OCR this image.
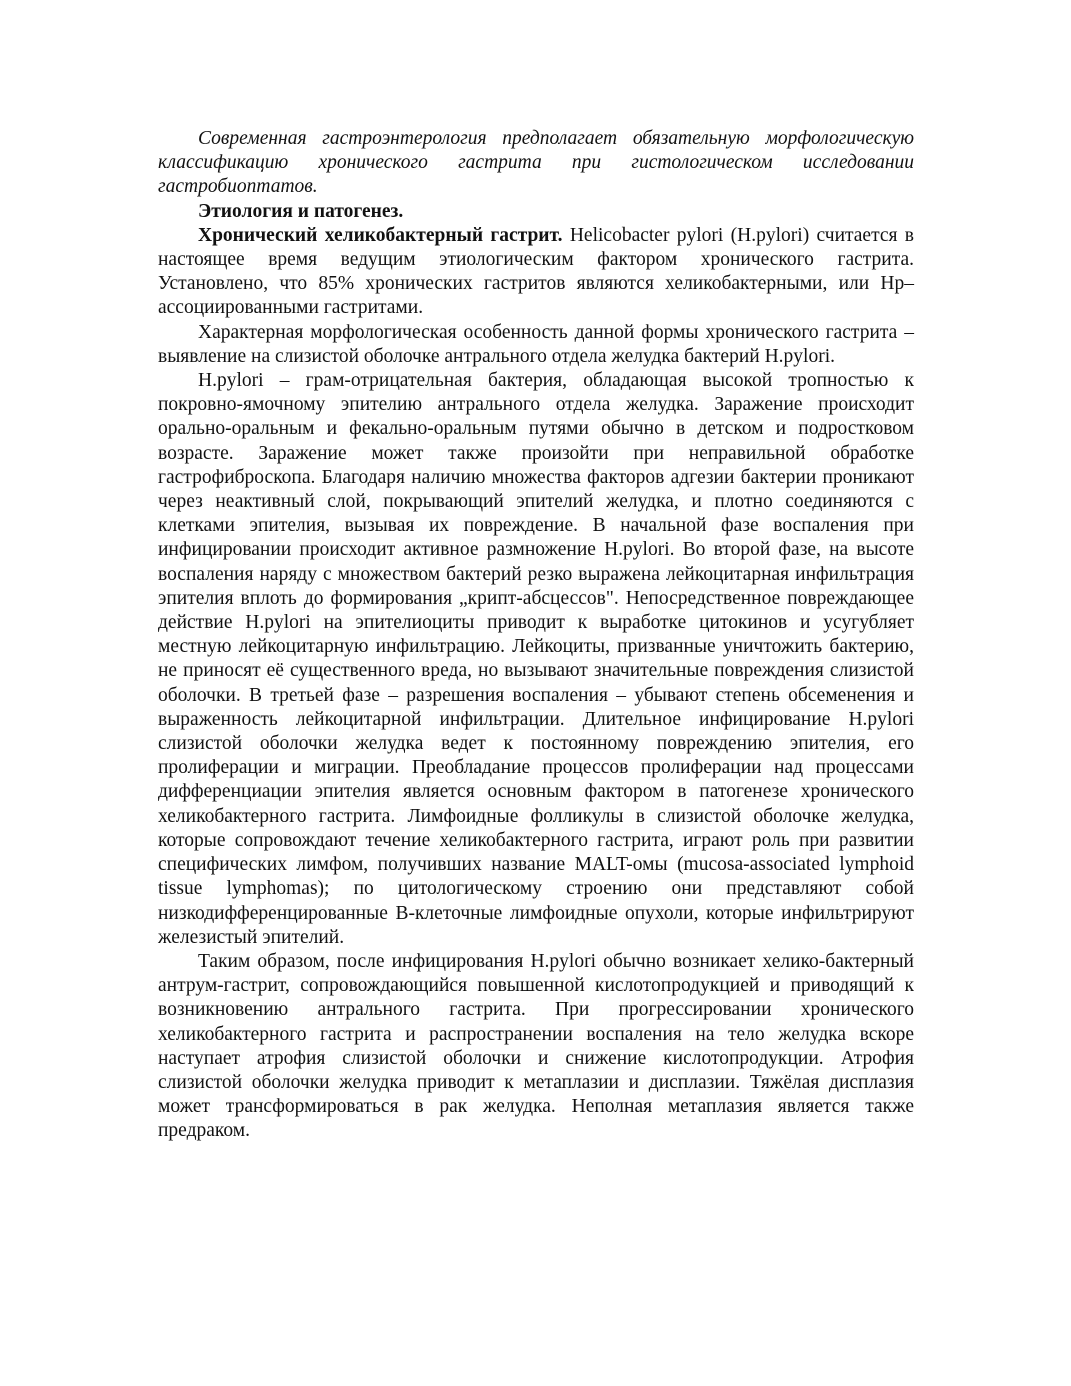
Современная гастроэнтерология предполагает обязательную морфологическую классификацию хронического гастрита при гистологическом исследовании гастробиоптатов.

Этиология и патогенез.

Хронический хеликобактерный гастрит. Helicobacter pylori (H.pylori) считается в настоящее время ведущим этиологическим фактором хронического гастрита. Установлено, что 85% хронических гастритов являются хеликобактерными, или Hp–ассоциированными гастритами.

Характерная морфологическая особенность данной формы хронического гастрита – выявление на слизистой оболочке антрального отдела желудка бактерий H.pylori.

H.pylori – грам-отрицательная бактерия, обладающая высокой тропностью к покровно-ямочному эпителию антрального отдела желудка. Заражение происходит орально-оральным и фекально-оральным путями обычно в детском и подростковом возрасте. Заражение может также произойти при неправильной обработке гастрофиброскопа. Благодаря наличию множества факторов адгезии бактерии проникают через неактивный слой, покрывающий эпителий желудка, и плотно соединяются с клетками эпителия, вызывая их повреждение. В начальной фазе воспаления при инфицировании происходит активное размножение H.pylori. Во второй фазе, на высоте воспаления наряду с множеством бактерий резко выражена лейкоцитарная инфильтрация эпителия вплоть до формирования „крипт-абсцессов". Непосредственное повреждающее действие H.pylori на эпителиоциты приводит к выработке цитокинов и усугубляет местную лейкоцитарную инфильтрацию. Лейкоциты, призванные уничтожить бактерию, не приносят её существенного вреда, но вызывают значительные повреждения слизистой оболочки. В третьей фазе – разрешения воспаления – убывают степень обсеменения и выраженность лейкоцитарной инфильтрации. Длительное инфицирование H.pylori слизистой оболочки желудка ведет к постоянному повреждению эпителия, его пролиферации и миграции. Преобладание процессов пролиферации над процессами дифференциации эпителия является основным фактором в патогенезе хронического хеликобактерного гастрита. Лимфоидные фолликулы в слизистой оболочке желудка, которые сопровождают течение хеликобактерного гастрита, играют роль при развитии специфических лимфом, получивших название MALT-омы (mucosa-associated lymphoid tissue lymphomas); по цитологическому строению они представляют собой низкодифференцированные В-клеточные лимфоидные опухоли, которые инфильтрируют железистый эпителий.

Таким образом, после инфицирования H.pylori обычно возникает хелико-бактерный антрум-гастрит, сопровождающийся повышенной кислотопродукцией и приводящий к возникновению антрального гастрита. При прогрессировании хронического хеликобактерного гастрита и распространении воспаления на тело желудка вскоре наступает атрофия слизистой оболочки и снижение кислотопродукции. Атрофия слизистой оболочки желудка приводит к метаплазии и дисплазии. Тяжёлая дисплазия может трансформироваться в рак желудка. Неполная метаплазия является также предраком.
